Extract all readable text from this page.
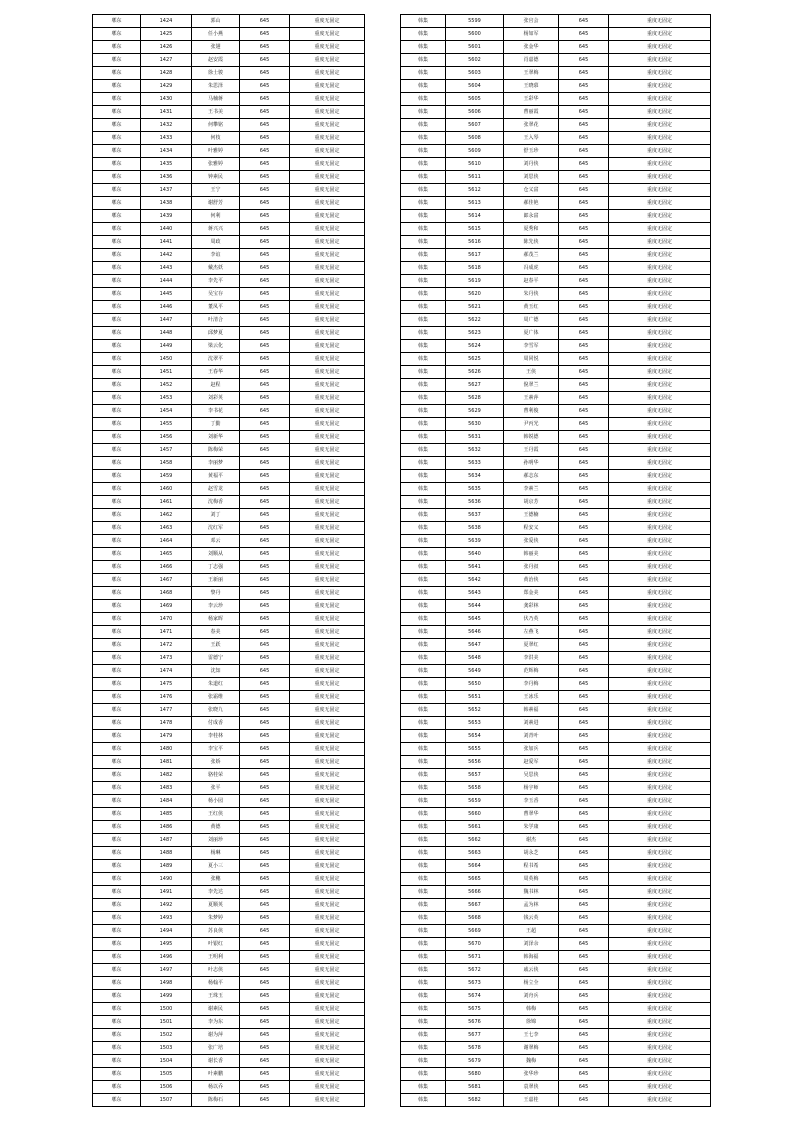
郫东	1424	郭山	645	重度无固定
郫东	1425	任小燕	645	重度无固定
郫东	1426	张翅	645	重度无固定
郫东	1427	赵安霞	645	重度无固定
郫东	1428	徐士骏	645	重度无固定
郫东	1429	朱思泽	645	重度无固定
郫东	1430	马楠蒋	645	重度无固定
郫东	1431	王书美	645	重度无固定
郫东	1432	何攀铭	645	重度无固定
郫东	1433	何枝	645	重度无固定
郫东	1434	叶雅婷	645	重度无固定
郫东	1435	张雅婷	645	重度无固定
郫东	1436	钟素民	645	重度无固定
郫东	1437	王宁	645	重度无固定
郫东	1438	谢舒芳	645	重度无固定
郫东	1439	何利	645	重度无固定
郫东	1440	蒋兴兴	645	重度无固定
郫东	1441	周政	645	重度无固定
郫东	1442	李谊	645	重度无固定
郫东	1443	戴杰妖	645	重度无固定
郫东	1444	李先平	645	重度无固定
郫东	1445	吴宝存	645	重度无固定
郫东	1446	董凤平	645	重度无固定
郫东	1447	叶清合	645	重度无固定
郫东	1448	邱梦夏	645	重度无固定
郫东	1449	梁云化	645	重度无固定
郫东	1450	沈翠平	645	重度无固定
郫东	1451	王春华	645	重度无固定
郫东	1452	赵程	645	重度无固定
郫东	1453	刘彩英	645	重度无固定
郫东	1454	李书花	645	重度无固定
郫东	1455	丁勤	645	重度无固定
郫东	1456	刘新华	645	重度无固定
郫东	1457	陈梅荣	645	重度无固定
郫东	1458	李丽梦	645	重度无固定
郫东	1459	黄福平	645	重度无固定
郫东	1460	赵雪龙	645	重度无固定
郫东	1461	沈梅香	645	重度无固定
郫东	1462	刘丁	645	重度无固定
郫东	1463	沈红军	645	重度无固定
郫东	1464	邓云	645	重度无固定
郫东	1465	刘顺从	645	重度无固定
郫东	1466	丁志强	645	重度无固定
郫东	1467	王新丽	645	重度无固定
郫东	1468	黎丹	645	重度无固定
郫东	1469	李云珍	645	重度无固定
郫东	1470	杨家晖	645	重度无固定
郫东	1471	春美	645	重度无固定
郫东	1472	王跃	645	重度无固定
郫东	1473	雷德宁	645	重度无固定
郫东	1474	沈知	645	重度无固定
郫东	1475	朱道红	645	重度无固定
郫东	1476	张霜维	645	重度无固定
郫东	1477	张晓九	645	重度无固定
郫东	1478	付成香	645	重度无固定
郫东	1479	李桂林	645	重度无固定
郫东	1480	李宝平	645	重度无固定
郫东	1481	张娇	645	重度无固定
郫东	1482	骆桂荣	645	重度无固定
郫东	1483	张平	645	重度无固定
郫东	1484	杨小园	645	重度无固定
郫东	1485	王红侠	645	重度无固定
郫东	1486	黄德	645	重度无固定
郫东	1487	刘丽珍	645	重度无固定
郫东	1488	杨琳	645	重度无固定
郫东	1489	夏小三	645	重度无固定
郫东	1490	张穗	645	重度无固定
郫东	1491	李先达	645	重度无固定
郫东	1492	夏顺英	645	重度无固定
郫东	1493	朱梦婷	645	重度无固定
郫东	1494	苏良侠	645	重度无固定
郫东	1495	叶银红	645	重度无固定
郫东	1496	王明利	645	重度无固定
郫东	1497	叶志侠	645	重度无固定
郫东	1498	杨翰平	645	重度无固定
郫东	1499	王珠玉	645	重度无固定
郫东	1500	谢素民	645	重度无固定
郫东	1501	李为东	645	重度无固定
郫东	1502	谢为萍	645	重度无固定
郫东	1503	张广培	645	重度无固定
郫东	1504	谢长香	645	重度无固定
郫东	1505	叶素鹏	645	重度无固定
郫东	1506	杨以乔	645	重度无固定
郫东	1507	陈梅石	645	重度无固定
韩集	5599	张官会	645	重度无固定
韩集	5600	杨如军	645	重度无固定
韩集	5601	张金华	645	重度无固定
韩集	5602	肖嘉德	645	重度无固定
韩集	5603	王翠梅	645	重度无固定
韩集	5604	王晓慕	645	重度无固定
韩集	5605	王彩华	645	重度无固定
韩集	5606	曹丽霞	645	重度无固定
韩集	5607	张翠花	645	重度无固定
韩集	5608	王入琴	645	重度无固定
韩集	5609	舒玉珍	645	重度无固定
韩集	5610	刘丹侠	645	重度无固定
韩集	5611	刘思侠	645	重度无固定
韩集	5612	仓义富	645	重度无固定
韩集	5613	郝佳艳	645	重度无固定
韩集	5614	郎永富	645	重度无固定
韩集	5615	夏秀和	645	重度无固定
韩集	5616	陈先侠	645	重度无固定
韩集	5617	郝茂兰	645	重度无固定
韩集	5618	冯成虎	645	重度无固定
韩集	5619	赵春平	645	重度无固定
韩集	5620	朱丹侠	645	重度无固定
韩集	5621	黄玉红	645	重度无固定
韩集	5622	周广德	645	重度无固定
韩集	5623	夏广体	645	重度无固定
韩集	5624	李雪军	645	重度无固定
韩集	5625	周同悦	645	重度无固定
韩集	5626	王侠	645	重度无固定
韩集	5627	倪翠兰	645	重度无固定
韩集	5628	王素萍	645	重度无固定
韩集	5629	曹利俊	645	重度无固定
韩集	5630	尹丙光	645	重度无固定
韩集	5631	韩锐德	645	重度无固定
韩集	5632	王丹霞	645	重度无固定
韩集	5633	孙明华	645	重度无固定
韩集	5634	郝志东	645	重度无固定
韩集	5635	李素兰	645	重度无固定
韩集	5636	胡京芳	645	重度无固定
韩集	5637	王德楠	645	重度无固定
韩集	5638	程安义	645	重度无固定
韩集	5639	张爱侠	645	重度无固定
韩集	5640	韩丽美	645	重度无固定
韩集	5641	张丹叔	645	重度无固定
韩集	5642	黄治侠	645	重度无固定
韩集	5643	郑金美	645	重度无固定
韩集	5644	龚彩林	645	重度无固定
韩集	5645	伏乃英	645	重度无固定
韩集	5646	左燕飞	645	重度无固定
韩集	5647	夏翠红	645	重度无固定
韩集	5648	李洪美	645	重度无固定
韩集	5649	范辉梅	645	重度无固定
韩集	5650	李丹梅	645	重度无固定
韩集	5651	王冰乐	645	重度无固定
韩集	5652	韩素福	645	重度无固定
韩集	5653	刘素进	645	重度无固定
韩集	5654	刘青叶	645	重度无固定
韩集	5655	张加兵	645	重度无固定
韩集	5656	赵爱军	645	重度无固定
韩集	5657	吴思侠	645	重度无固定
韩集	5658	杨宇师	645	重度无固定
韩集	5659	李玉香	645	重度无固定
韩集	5660	曹翠华	645	重度无固定
韩集	5661	朱学康	645	重度无固定
韩集	5662	谢杰	645	重度无固定
韩集	5663	胡永芝	645	重度无固定
韩集	5664	程书希	645	重度无固定
韩集	5665	周英梅	645	重度无固定
韩集	5666	魏书林	645	重度无固定
韩集	5667	孟为林	645	重度无固定
韩集	5668	钱云英	645	重度无固定
韩集	5669	王超	645	重度无固定
韩集	5670	刘泽余	645	重度无固定
韩集	5671	韩海福	645	重度无固定
韩集	5672	戚云侠	645	重度无固定
韩集	5673	杨立全	645	重度无固定
韩集	5674	刘舟兵	645	重度无固定
韩集	5675	韩梅	645	重度无固定
韩集	5676	徐锦	645	重度无固定
韩集	5677	王七李	645	重度无固定
韩集	5678	谢翠梅	645	重度无固定
韩集	5679	魏梅	645	重度无固定
韩集	5680	张华珍	645	重度无固定
韩集	5681	袁翠侠	645	重度无固定
韩集	5682	王嘉桂	645	重度无固定
